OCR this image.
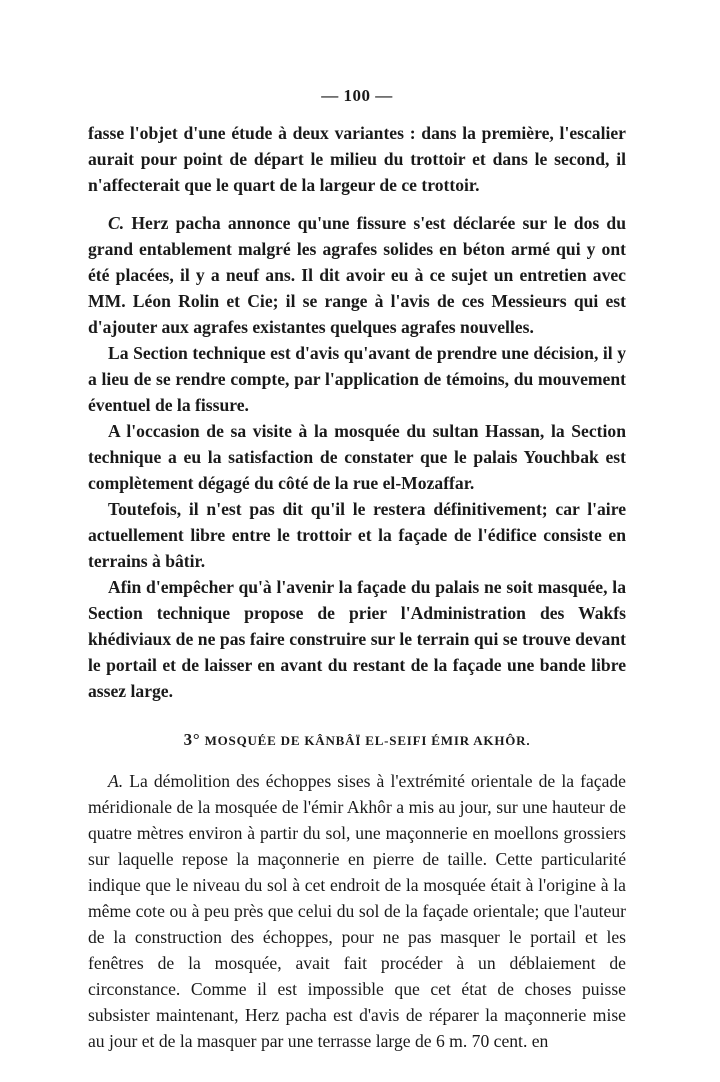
— 100 —

fasse l'objet d'une étude à deux variantes : dans la première, l'escalier aurait pour point de départ le milieu du trottoir et dans le second, il n'affecterait que le quart de la largeur de ce trottoir.

C. Herz pacha annonce qu'une fissure s'est déclarée sur le dos du grand entablement malgré les agrafes solides en béton armé qui y ont été placées, il y a neuf ans. Il dit avoir eu à ce sujet un entretien avec MM. Léon Rolin et Cie; il se range à l'avis de ces Messieurs qui est d'ajouter aux agrafes existantes quelques agrafes nouvelles.

La Section technique est d'avis qu'avant de prendre une décision, il y a lieu de se rendre compte, par l'application de témoins, du mouvement éventuel de la fissure.

A l'occasion de sa visite à la mosquée du sultan Hassan, la Section technique a eu la satisfaction de constater que le palais Youchbak est complètement dégagé du côté de la rue el-Mozaffar.

Toutefois, il n'est pas dit qu'il le restera définitivement; car l'aire actuellement libre entre le trottoir et la façade de l'édifice consiste en terrains à bâtir.

Afin d'empêcher qu'à l'avenir la façade du palais ne soit masquée, la Section technique propose de prier l'Administration des Wakfs khédiviaux de ne pas faire construire sur le terrain qui se trouve devant le portail et de laisser en avant du restant de la façade une bande libre assez large.

3° MOSQUÉE DE KÂNBÂÏ EL-SEIFI ÉMIR AKHÔR.

A. La démolition des échoppes sises à l'extrémité orientale de la façade méridionale de la mosquée de l'émir Akhôr a mis au jour, sur une hauteur de quatre mètres environ à partir du sol, une maçonnerie en moellons grossiers sur laquelle repose la maçonnerie en pierre de taille. Cette particularité indique que le niveau du sol à cet endroit de la mosquée était à l'origine à la même cote ou à peu près que celui du sol de la façade orientale; que l'auteur de la construction des échoppes, pour ne pas masquer le portail et les fenêtres de la mosquée, avait fait procéder à un déblaiement de circonstance. Comme il est impossible que cet état de choses puisse subsister maintenant, Herz pacha est d'avis de réparer la maçonnerie mise au jour et de la masquer par une terrasse large de 6 m. 70 cent. en
